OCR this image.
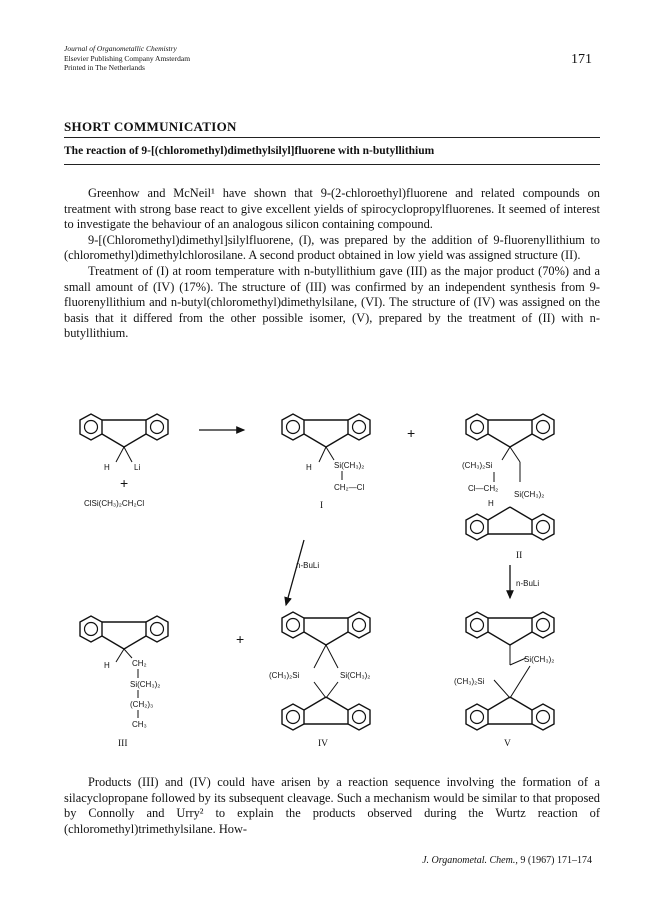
Journal of Organometallic Chemistry
Elsevier Publishing Company Amsterdam
Printed in The Netherlands
171
SHORT COMMUNICATION
The reaction of 9-[(chloromethyl)dimethylsilyl]fluorene with n-butyllithium

Greenhow and McNeil¹ have shown that 9-(2-chloroethyl)fluorene and related compounds on treatment with strong base react to give excellent yields of spirocyclopropylfluorenes. It seemed of interest to investigate the behaviour of an analogous silicon containing compound.

9-[(Chloromethyl)dimethyl]silylfluorene, (I), was prepared by the addition of 9-fluorenyllithium to (chloromethyl)dimethylchlorosilane. A second product obtained in low yield was assigned structure (II).

Treatment of (I) at room temperature with n-butyllithium gave (III) as the major product (70%) and a small amount of (IV) (17%). The structure of (III) was confirmed by an independent synthesis from 9-fluorenyllithium and n-butyl(chloromethyl)dimethylsilane, (VI). The structure of (IV) was assigned on the basis that it differed from the other possible isomer, (V), prepared by the treatment of (II) with n-butyllithium.

H	Li
+
ClSi(CH₃)₂CH₂Cl
H	Si(CH₃)₂
CH₂—Cl
I
+
(CH₃)₂Si
Cl—CH₂
Si(CH₃)₂
H
II
n-BuLi
n-BuLi
H	CH₂
Si(CH₃)₂
(CH₂)₃
CH₃
III
+
(CH₃)₂Si	Si(CH₃)₂
IV
Si(CH₃)₂
(CH₃)₂Si
V

Products (III) and (IV) could have arisen by a reaction sequence involving the formation of a silacyclopropane followed by its subsequent cleavage. Such a mechanism would be similar to that proposed by Connolly and Urry² to explain the products observed during the Wurtz reaction of (chloromethyl)trimethylsilane. How-

J. Organometal. Chem., 9 (1967) 171–174
